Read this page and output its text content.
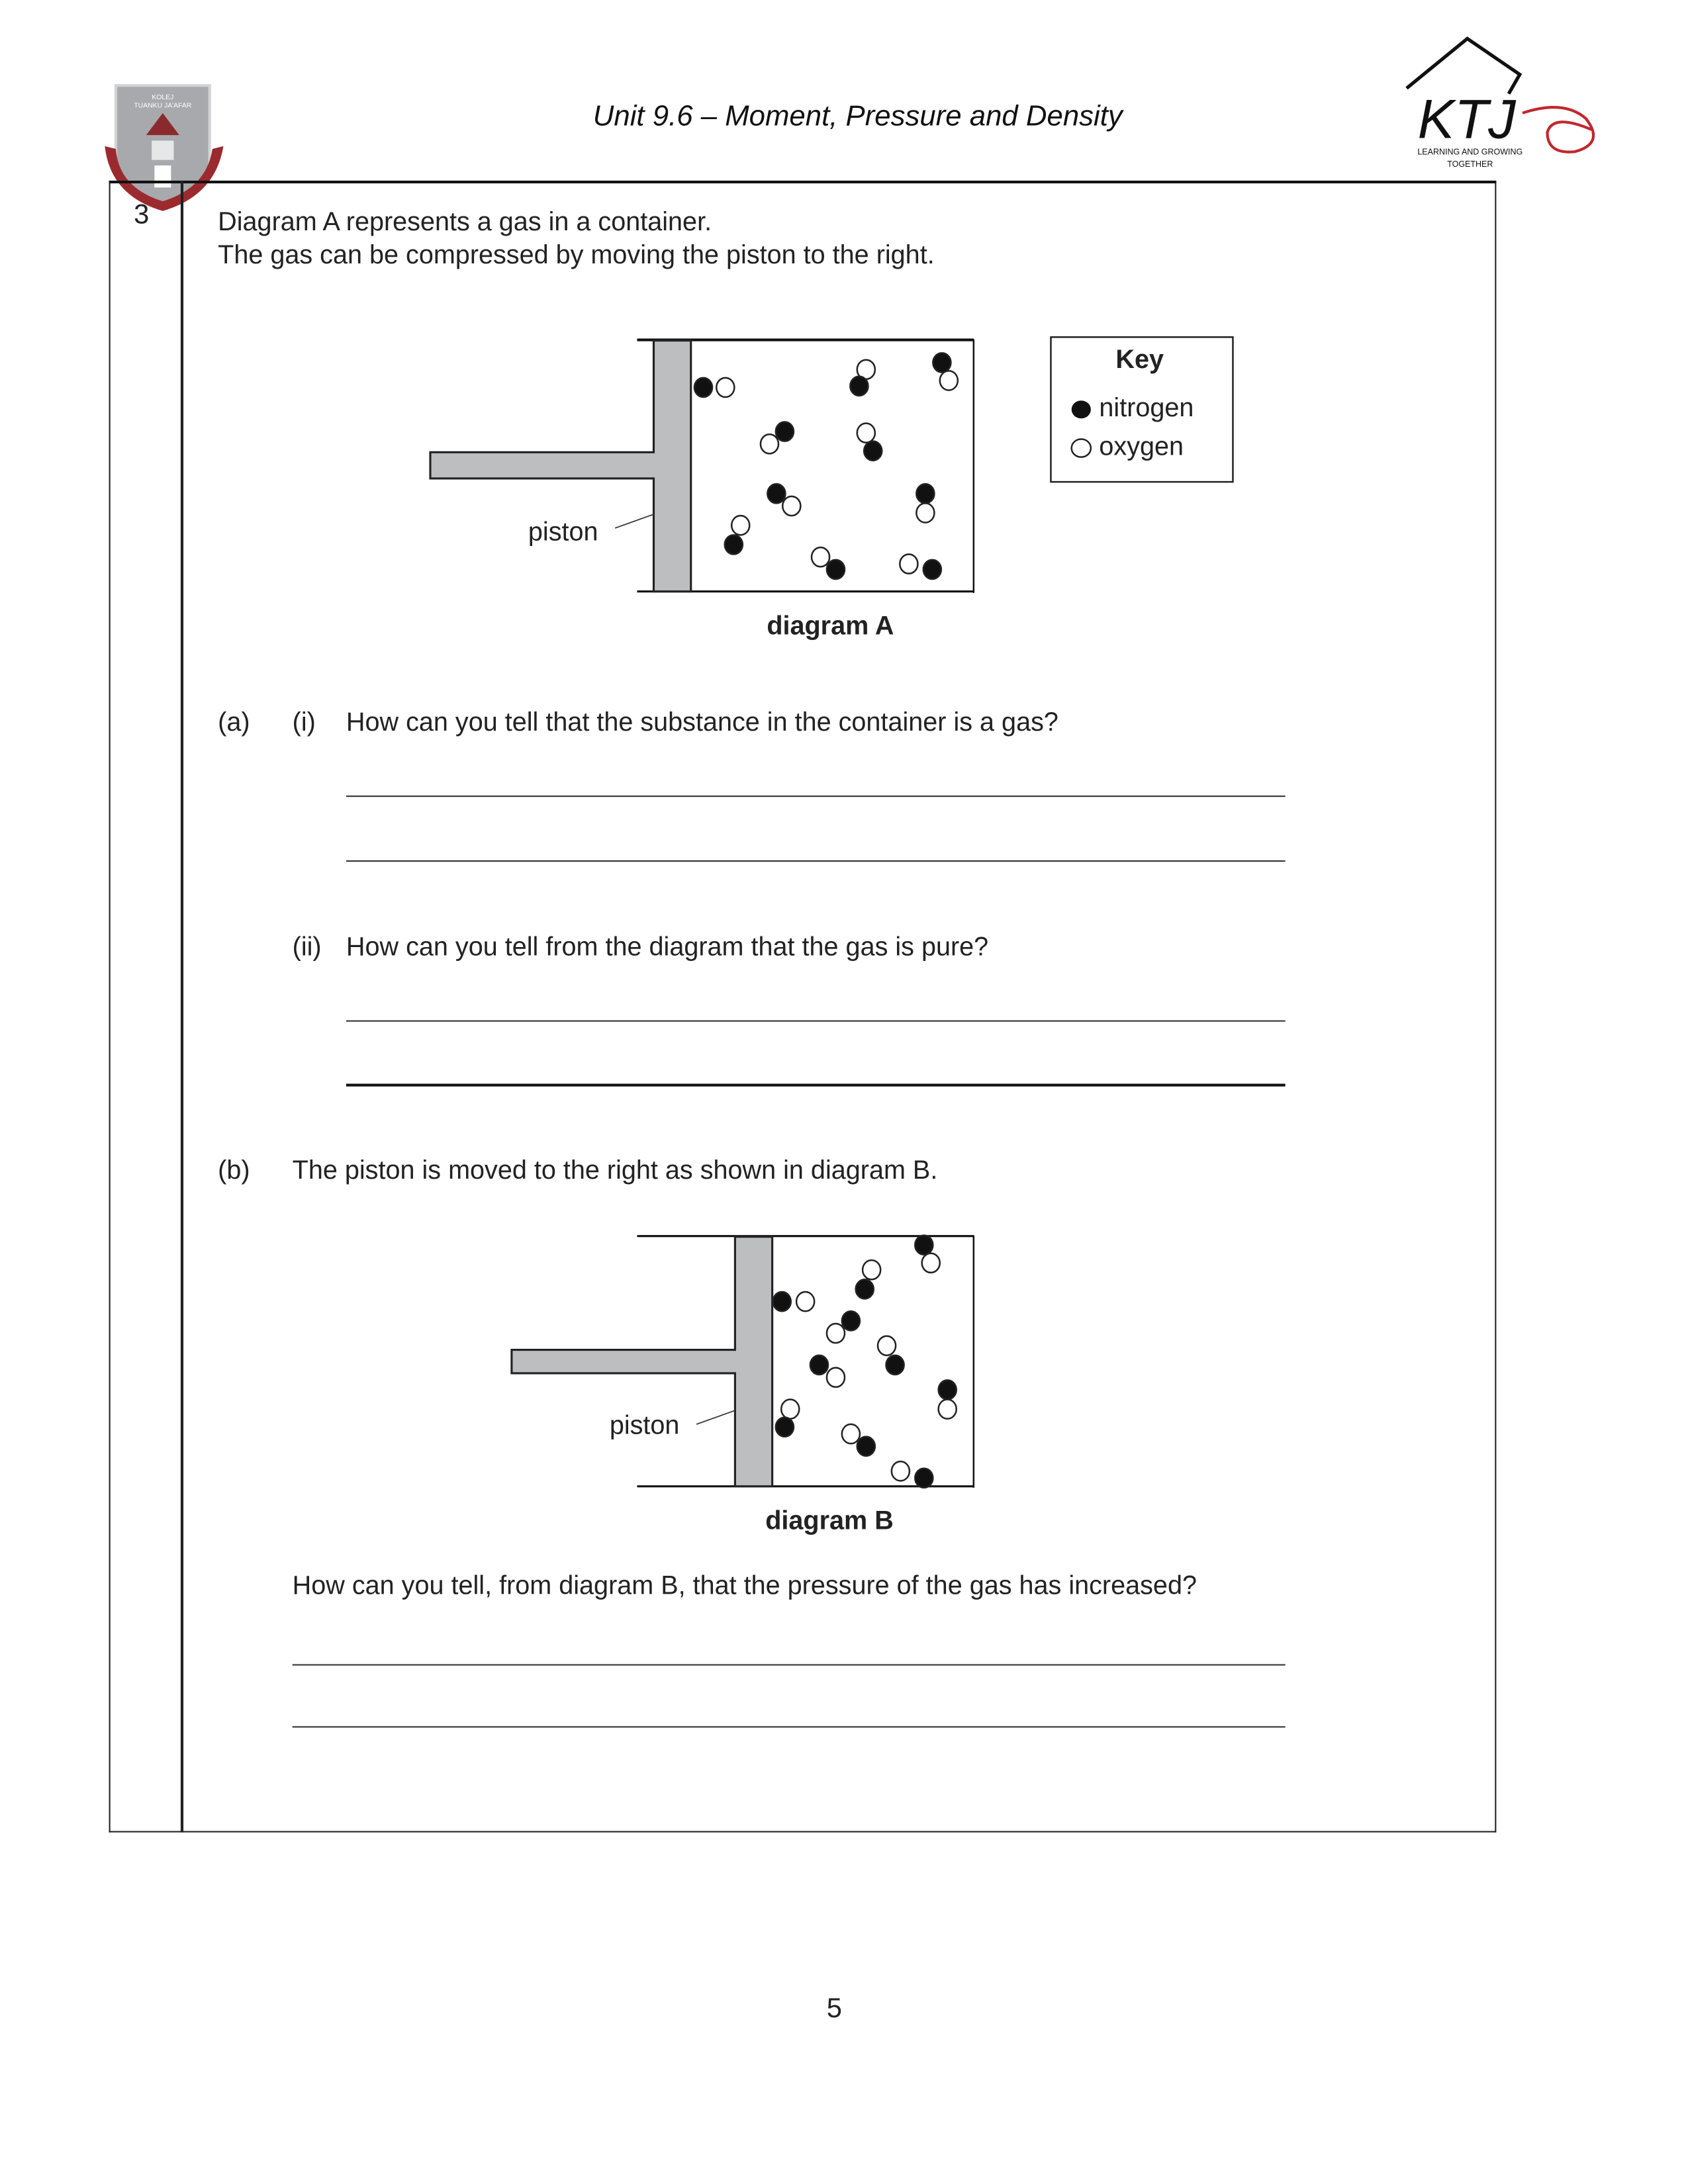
KOLEJ
TUANKU JA'AFAR	Unit 9.6 – Moment, Pressure and Density	KTJ
LEARNING AND GROWING
TOGETHER
3	Diagram A represents a gas in a container.
The gas can be compressed by moving the piston to the right.
Key
nitrogen
oxygen
piston
diagram A
(a)	(i) How can you tell that the substance in the container is a gas?
(ii) How can you tell from the diagram that the gas is pure?
(b)	The piston is moved to the right as shown in diagram B.
piston
diagram B
How can you tell, from diagram B, that the pressure of the gas has increased?
5
